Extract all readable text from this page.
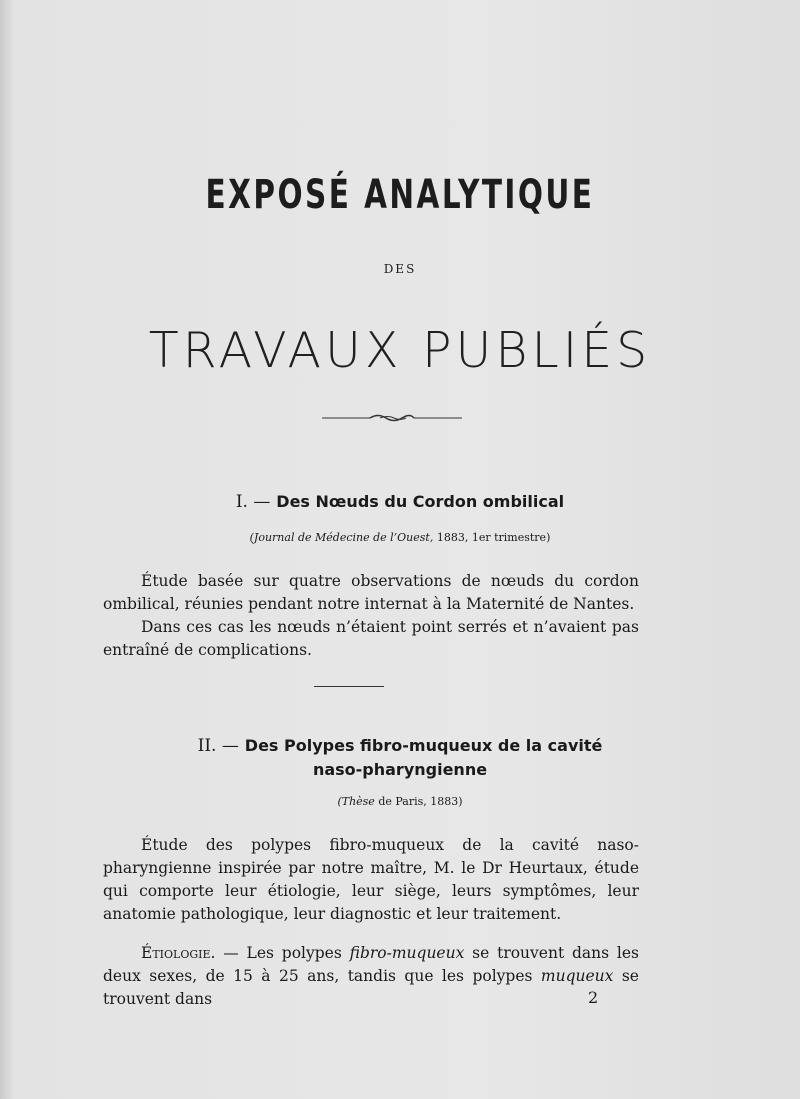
EXPOSÉ ANALYTIQUE

DES

TRAVAUX PUBLIÉS
I. — Des Nœuds du Cordon ombilical

(Journal de Médecine de l’Ouest, 1883, 1er trimestre)

Étude basée sur quatre observations de nœuds du cordon ombilical, réunies pendant notre internat à la Maternité de Nantes.

Dans ces cas les nœuds n’étaient point serrés et n’avaient pas entraîné de complications.

II. — Des Polypes fibro-muqueux de la cavité
naso-pharyngienne

(Thèse de Paris, 1883)

Étude des polypes fibro-muqueux de la cavité naso-pharyngienne inspirée par notre maître, M. le Dr Heurtaux, étude qui comporte leur étiologie, leur siège, leurs symptômes, leur anatomie pathologique, leur diagnostic et leur traitement.

Étiologie. — Les polypes fibro-muqueux se trouvent dans les deux sexes, de 15 à 25 ans, tandis que les polypes muqueux se trouvent dans	2
